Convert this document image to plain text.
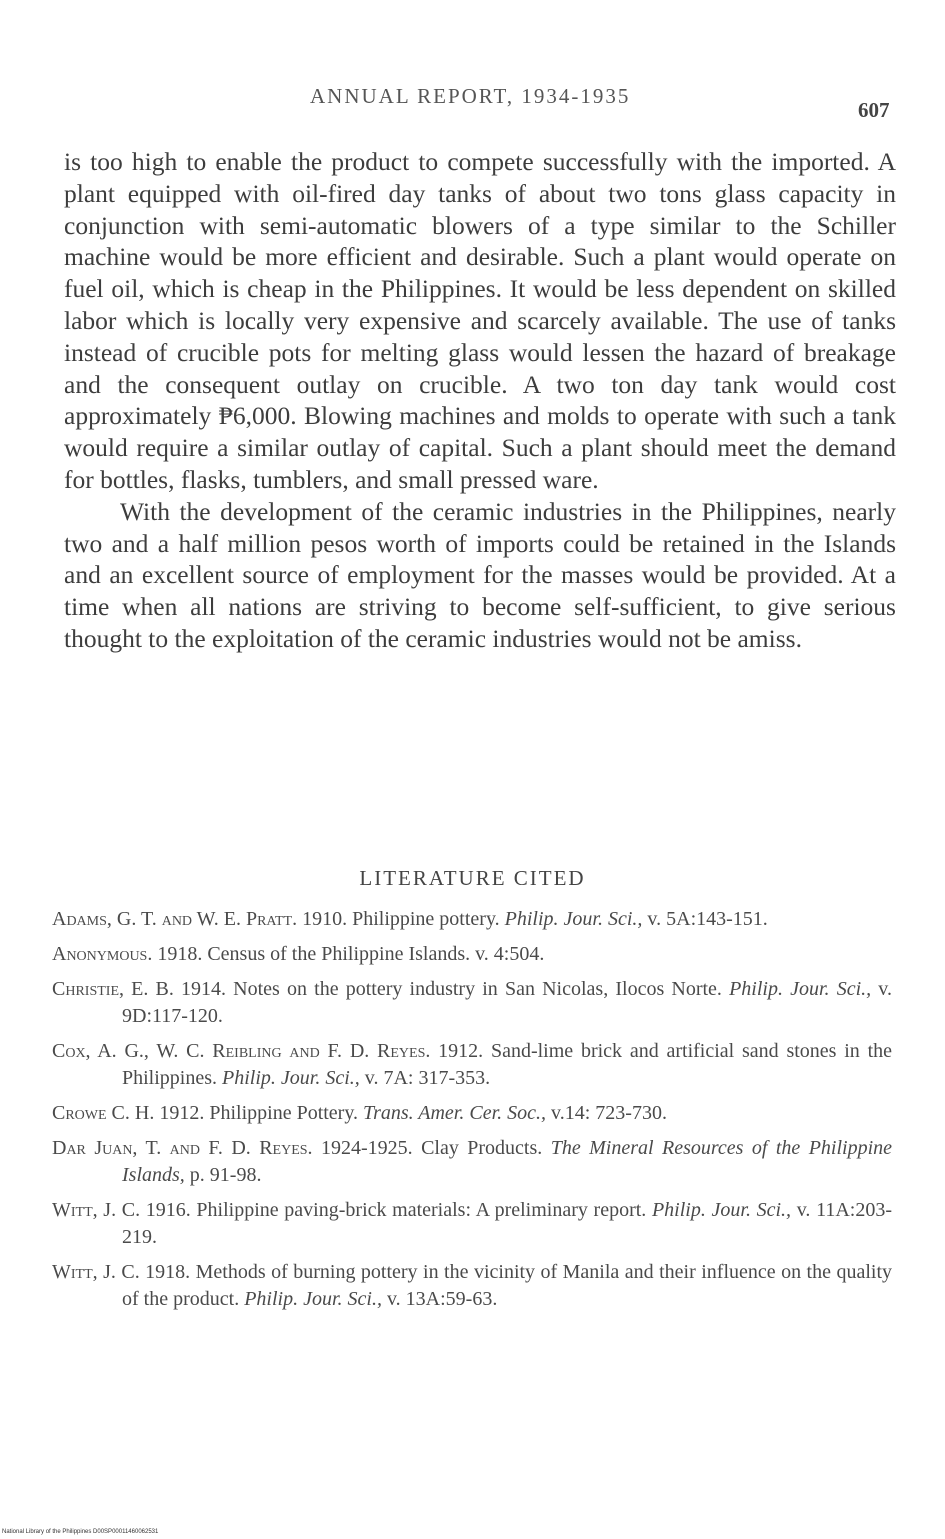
ANNUAL REPORT, 1934-1935
607

is too high to enable the product to compete successfully with the imported. A plant equipped with oil-fired day tanks of about two tons glass capacity in conjunction with semi-automatic blowers of a type similar to the Schiller machine would be more efficient and desirable. Such a plant would operate on fuel oil, which is cheap in the Philippines. It would be less dependent on skilled labor which is locally very expensive and scarcely available. The use of tanks instead of crucible pots for melting glass would lessen the hazard of breakage and the consequent outlay on crucible. A two ton day tank would cost approximately ₱6,000. Blowing machines and molds to operate with such a tank would require a similar outlay of capital. Such a plant should meet the demand for bottles, flasks, tumblers, and small pressed ware.

With the development of the ceramic industries in the Philippines, nearly two and a half million pesos worth of imports could be retained in the Islands and an excellent source of employment for the masses would be provided. At a time when all nations are striving to become self-sufficient, to give serious thought to the exploitation of the ceramic industries would not be amiss.

LITERATURE CITED
Adams, G. T. and W. E. Pratt. 1910. Philippine pottery. Philip. Jour. Sci., v. 5A:143-151.
Anonymous. 1918. Census of the Philippine Islands. v. 4:504.
Christie, E. B. 1914. Notes on the pottery industry in San Nicolas, Ilocos Norte. Philip. Jour. Sci., v. 9D:117-120.
Cox, A. G., W. C. Reibling and F. D. Reyes. 1912. Sand-lime brick and artificial sand stones in the Philippines. Philip. Jour. Sci., v. 7A: 317-353.
Crowe C. H. 1912. Philippine Pottery. Trans. Amer. Cer. Soc., v.14: 723-730.
Dar Juan, T. and F. D. Reyes. 1924-1925. Clay Products. The Mineral Resources of the Philippine Islands, p. 91-98.
Witt, J. C. 1916. Philippine paving-brick materials: A preliminary report. Philip. Jour. Sci., v. 11A:203-219.
Witt, J. C. 1918. Methods of burning pottery in the vicinity of Manila and their influence on the quality of the product. Philip. Jour. Sci., v. 13A:59-63.
National Library of the Philippines D00SP00011460062531
